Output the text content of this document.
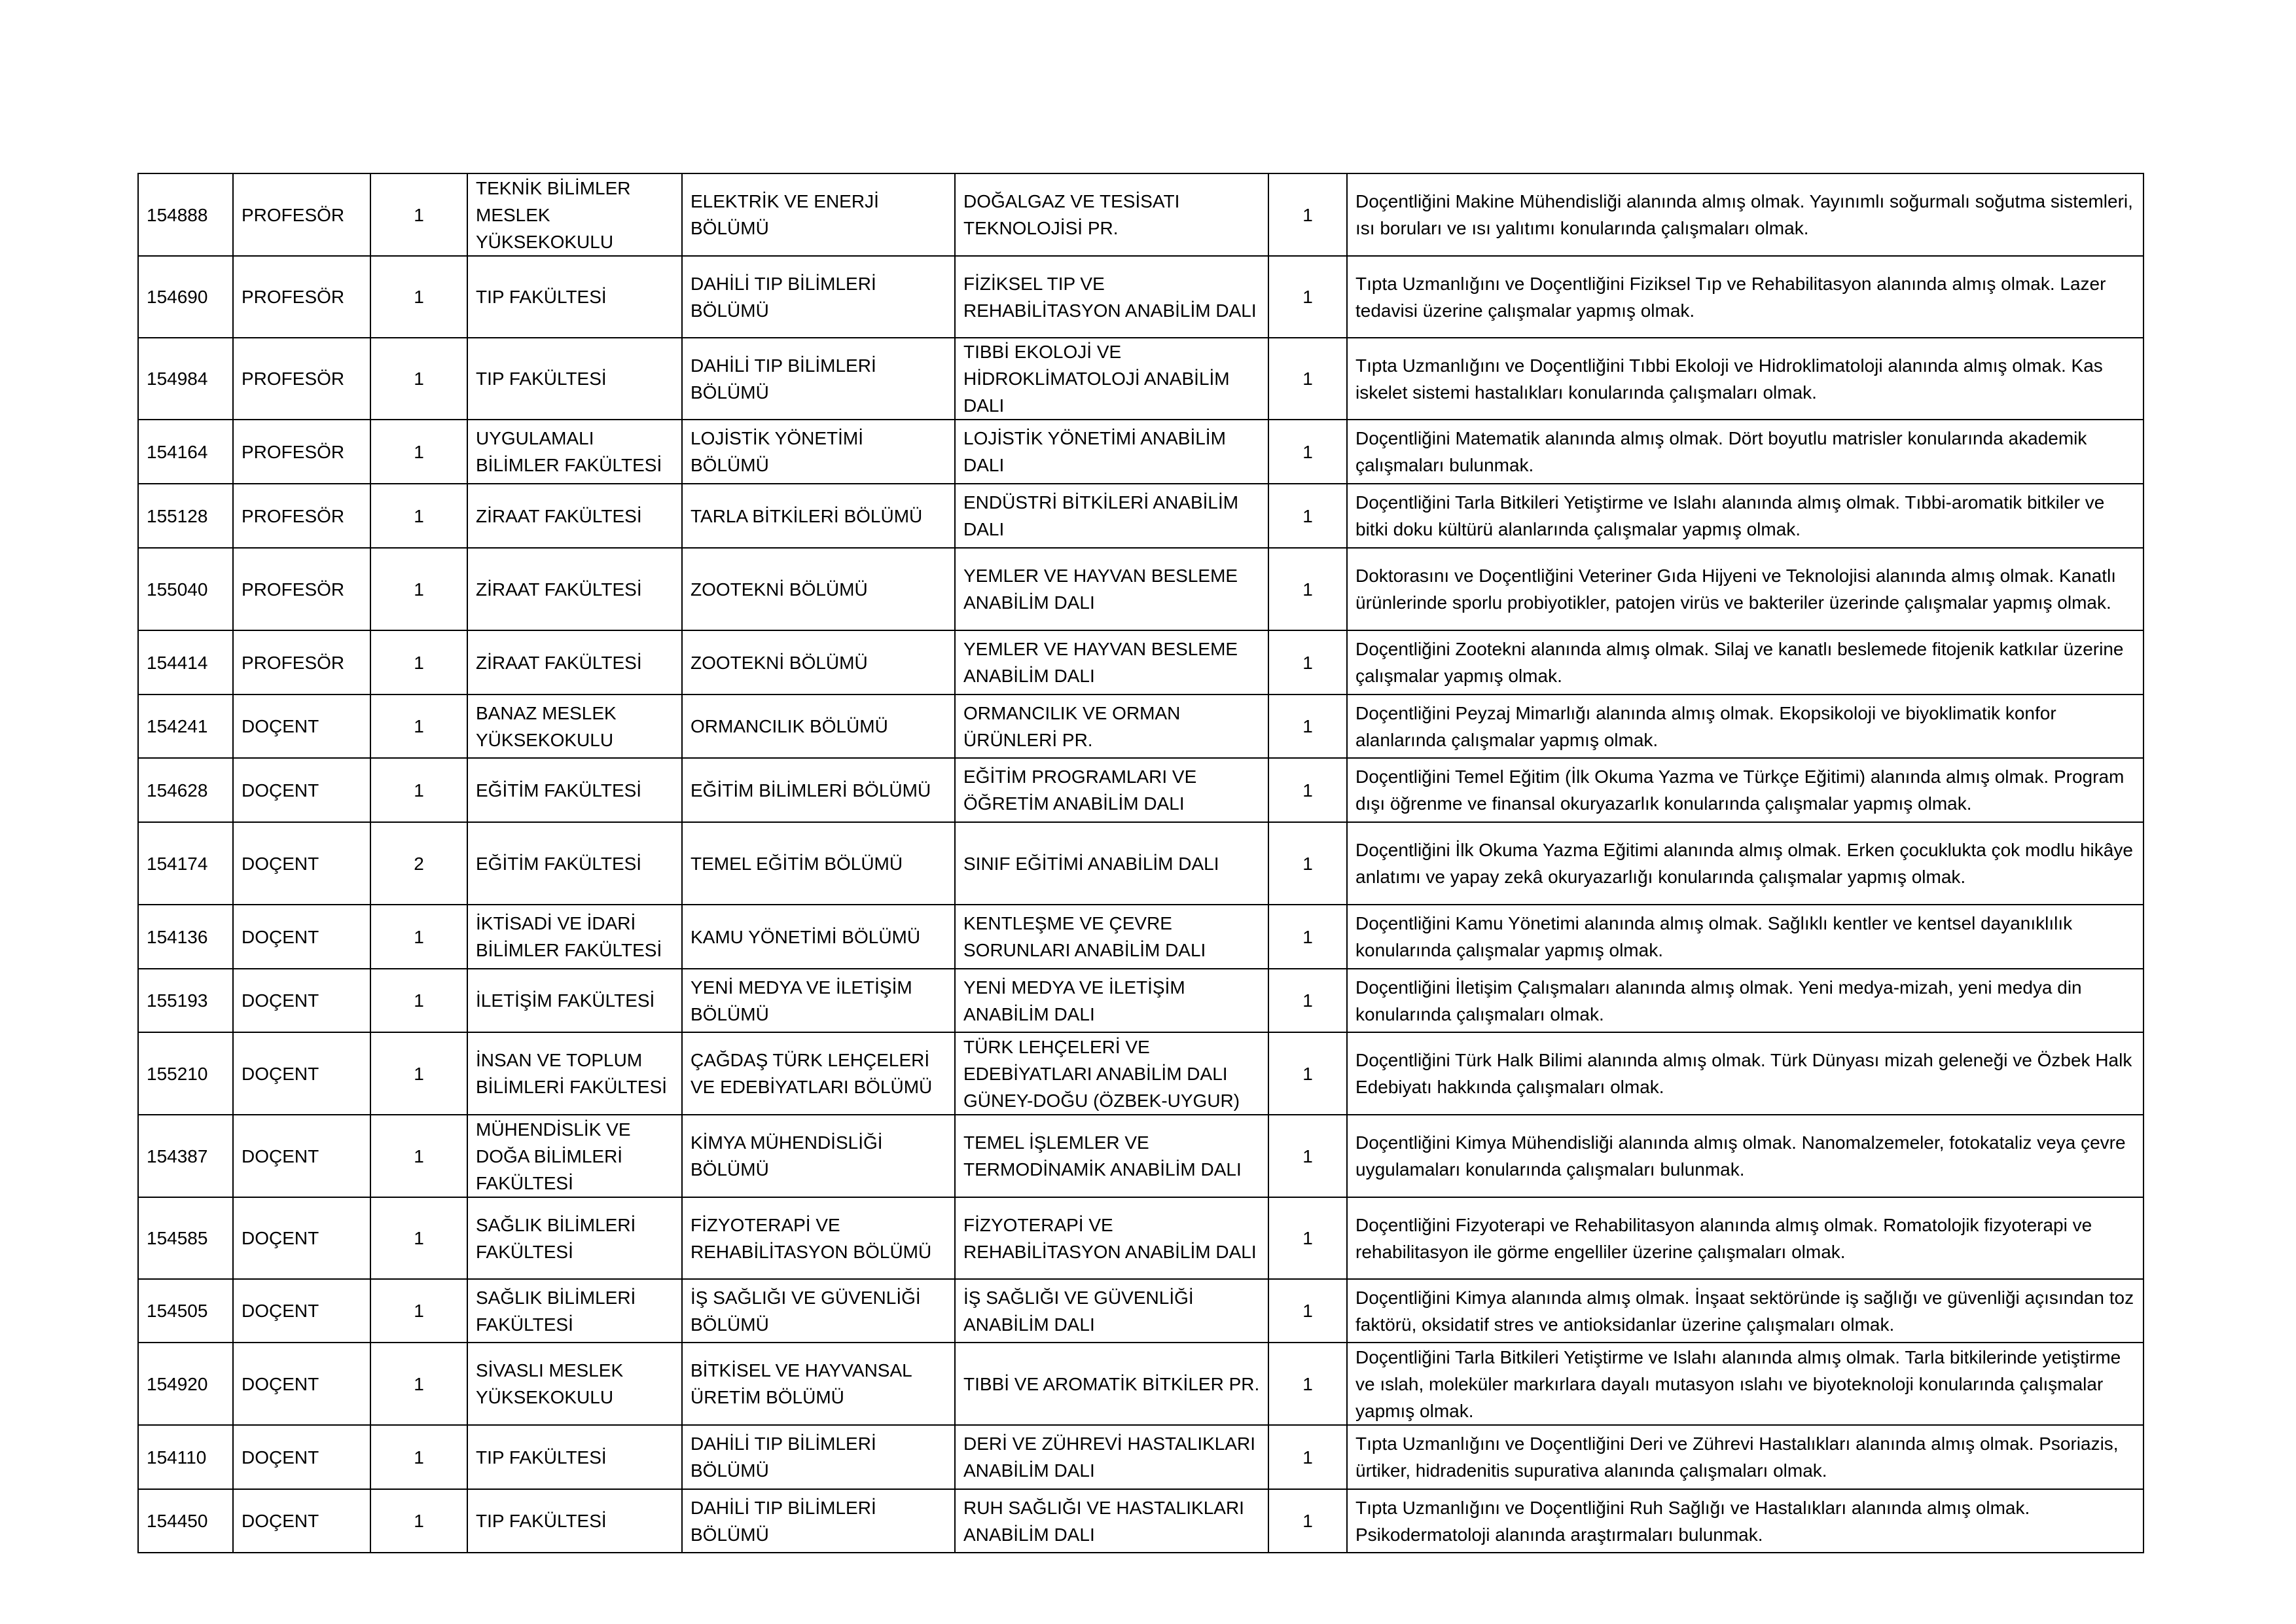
154888	PROFESÖR	1	TEKNİK BİLİMLER MESLEK YÜKSEKOKULU	ELEKTRİK VE ENERJİ BÖLÜMÜ	DOĞALGAZ VE TESİSATI TEKNOLOJİSİ PR.	1	Doçentliğini Makine Mühendisliği alanında almış olmak. Yayınımlı soğurmalı soğutma sistemleri, ısı boruları ve ısı yalıtımı konularında çalışmaları olmak.
154690	PROFESÖR	1	TIP FAKÜLTESİ	DAHİLİ TIP BİLİMLERİ BÖLÜMÜ	FİZİKSEL TIP VE REHABİLİTASYON ANABİLİM DALI	1	Tıpta Uzmanlığını ve Doçentliğini Fiziksel Tıp ve Rehabilitasyon alanında almış olmak. Lazer tedavisi üzerine çalışmalar yapmış olmak.
154984	PROFESÖR	1	TIP FAKÜLTESİ	DAHİLİ TIP BİLİMLERİ BÖLÜMÜ	TIBBİ EKOLOJİ VE HİDROKLİMATOLOJİ ANABİLİM DALI	1	Tıpta Uzmanlığını ve Doçentliğini Tıbbi Ekoloji ve Hidroklimatoloji alanında almış olmak. Kas iskelet sistemi hastalıkları konularında çalışmaları olmak.
154164	PROFESÖR	1	UYGULAMALI BİLİMLER FAKÜLTESİ	LOJİSTİK YÖNETİMİ BÖLÜMÜ	LOJİSTİK YÖNETİMİ ANABİLİM DALI	1	Doçentliğini Matematik alanında almış olmak. Dört boyutlu matrisler konularında akademik çalışmaları bulunmak.
155128	PROFESÖR	1	ZİRAAT FAKÜLTESİ	TARLA BİTKİLERİ BÖLÜMÜ	ENDÜSTRİ BİTKİLERİ ANABİLİM DALI	1	Doçentliğini Tarla Bitkileri Yetiştirme ve Islahı alanında almış olmak. Tıbbi-aromatik bitkiler ve bitki doku kültürü alanlarında çalışmalar yapmış olmak.
155040	PROFESÖR	1	ZİRAAT FAKÜLTESİ	ZOOTEKNİ BÖLÜMÜ	YEMLER VE HAYVAN BESLEME ANABİLİM DALI	1	Doktorasını ve Doçentliğini Veteriner Gıda Hijyeni ve Teknolojisi alanında almış olmak. Kanatlı ürünlerinde sporlu probiyotikler, patojen virüs ve bakteriler üzerinde çalışmalar yapmış olmak.
154414	PROFESÖR	1	ZİRAAT FAKÜLTESİ	ZOOTEKNİ BÖLÜMÜ	YEMLER VE HAYVAN BESLEME ANABİLİM DALI	1	Doçentliğini Zootekni alanında almış olmak. Silaj ve kanatlı beslemede fitojenik katkılar üzerine çalışmalar yapmış olmak.
154241	DOÇENT	1	BANAZ MESLEK YÜKSEKOKULU	ORMANCILIK BÖLÜMÜ	ORMANCILIK VE ORMAN ÜRÜNLERİ PR.	1	Doçentliğini Peyzaj Mimarlığı alanında almış olmak. Ekopsikoloji ve biyoklimatik konfor alanlarında çalışmalar yapmış olmak.
154628	DOÇENT	1	EĞİTİM FAKÜLTESİ	EĞİTİM BİLİMLERİ BÖLÜMÜ	EĞİTİM PROGRAMLARI VE ÖĞRETİM ANABİLİM DALI	1	Doçentliğini Temel Eğitim (İlk Okuma Yazma ve Türkçe Eğitimi) alanında almış olmak. Program dışı öğrenme ve finansal okuryazarlık konularında çalışmalar yapmış olmak.
154174	DOÇENT	2	EĞİTİM FAKÜLTESİ	TEMEL EĞİTİM BÖLÜMÜ	SINIF EĞİTİMİ ANABİLİM DALI	1	Doçentliğini İlk Okuma Yazma Eğitimi alanında almış olmak. Erken çocuklukta çok modlu hikâye anlatımı ve yapay zekâ okuryazarlığı konularında çalışmalar yapmış olmak.
154136	DOÇENT	1	İKTİSADİ VE İDARİ BİLİMLER FAKÜLTESİ	KAMU YÖNETİMİ BÖLÜMÜ	KENTLEŞME VE ÇEVRE SORUNLARI ANABİLİM DALI	1	Doçentliğini Kamu Yönetimi alanında almış olmak. Sağlıklı kentler ve kentsel dayanıklılık konularında çalışmalar yapmış olmak.
155193	DOÇENT	1	İLETİŞİM FAKÜLTESİ	YENİ MEDYA VE İLETİŞİM BÖLÜMÜ	YENİ MEDYA VE İLETİŞİM ANABİLİM DALI	1	Doçentliğini İletişim Çalışmaları alanında almış olmak. Yeni medya-mizah, yeni medya din konularında çalışmaları olmak.
155210	DOÇENT	1	İNSAN VE TOPLUM BİLİMLERİ FAKÜLTESİ	ÇAĞDAŞ TÜRK LEHÇELERİ VE EDEBİYATLARI BÖLÜMÜ	TÜRK LEHÇELERİ VE EDEBİYATLARI ANABİLİM DALI GÜNEY-DOĞU (ÖZBEK-UYGUR)	1	Doçentliğini Türk Halk Bilimi alanında almış olmak. Türk Dünyası mizah geleneği ve Özbek Halk Edebiyatı hakkında çalışmaları olmak.
154387	DOÇENT	1	MÜHENDİSLİK VE DOĞA BİLİMLERİ FAKÜLTESİ	KİMYA MÜHENDİSLİĞİ BÖLÜMÜ	TEMEL İŞLEMLER VE TERMODİNAMİK ANABİLİM DALI	1	Doçentliğini Kimya Mühendisliği alanında almış olmak. Nanomalzemeler, fotokataliz veya çevre uygulamaları konularında çalışmaları bulunmak.
154585	DOÇENT	1	SAĞLIK BİLİMLERİ FAKÜLTESİ	FİZYOTERAPİ VE REHABİLİTASYON BÖLÜMÜ	FİZYOTERAPİ VE REHABİLİTASYON ANABİLİM DALI	1	Doçentliğini Fizyoterapi ve Rehabilitasyon alanında almış olmak. Romatolojik fizyoterapi ve rehabilitasyon ile görme engelliler üzerine çalışmaları olmak.
154505	DOÇENT	1	SAĞLIK BİLİMLERİ FAKÜLTESİ	İŞ SAĞLIĞI VE GÜVENLİĞİ BÖLÜMÜ	İŞ SAĞLIĞI VE GÜVENLİĞİ ANABİLİM DALI	1	Doçentliğini Kimya alanında almış olmak. İnşaat sektöründe iş sağlığı ve güvenliği açısından toz faktörü, oksidatif stres ve antioksidanlar üzerine çalışmaları olmak.
154920	DOÇENT	1	SİVASLI MESLEK YÜKSEKOKULU	BİTKİSEL VE HAYVANSAL ÜRETİM BÖLÜMÜ	TIBBİ VE AROMATİK BİTKİLER PR.	1	Doçentliğini Tarla Bitkileri Yetiştirme ve Islahı alanında almış olmak. Tarla bitkilerinde yetiştirme ve ıslah, moleküler markırlara dayalı mutasyon ıslahı ve biyoteknoloji konularında çalışmalar yapmış olmak.
154110	DOÇENT	1	TIP FAKÜLTESİ	DAHİLİ TIP BİLİMLERİ BÖLÜMÜ	DERİ VE ZÜHREVİ HASTALIKLARI ANABİLİM DALI	1	Tıpta Uzmanlığını ve Doçentliğini Deri ve Zührevi Hastalıkları alanında almış olmak. Psoriazis, ürtiker, hidradenitis supurativa alanında çalışmaları olmak.
154450	DOÇENT	1	TIP FAKÜLTESİ	DAHİLİ TIP BİLİMLERİ BÖLÜMÜ	RUH SAĞLIĞI VE HASTALIKLARI ANABİLİM DALI	1	Tıpta Uzmanlığını ve Doçentliğini Ruh Sağlığı ve Hastalıkları alanında almış olmak. Psikodermatoloji alanında araştırmaları bulunmak.
